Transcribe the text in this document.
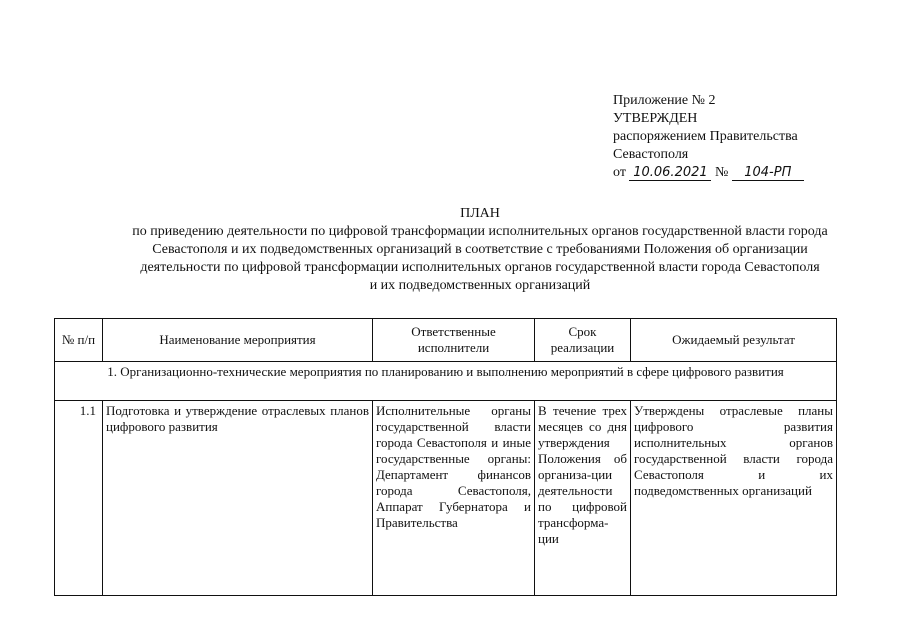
Приложение № 2
УТВЕРЖДЕН
распоряжением Правительства
Севастополя
от 10.06.2021 № 104-РП
ПЛАН
по приведению деятельности по цифровой трансформации исполнительных органов государственной власти города
Севастополя и их подведомственных организаций в соответствие с требованиями Положения об организации
деятельности по цифровой трансформации исполнительных органов государственной власти города Севастополя
и их подведомственных организаций
№ п/п	Наименование мероприятия	Ответственные исполнители	Срок реализации	Ожидаемый результат
1. Организационно-технические мероприятия по планированию и выполнению мероприятий в сфере цифрового развития				
1.1	Подготовка и утверждение отраслевых планов цифрового развития	Исполнительные органы государственной власти города Севастополя и иные государственные органы: Департамент финансов города Севастополя, Аппарат Губернатора и Правительства	В течение трех месяцев со дня утверждения Положения об организа-ции деятельности по цифровой трансформа-ции	Утверждены отраслевые планы цифрового развития исполнительных органов государственной власти города Севастополя и их подведомственных организаций
